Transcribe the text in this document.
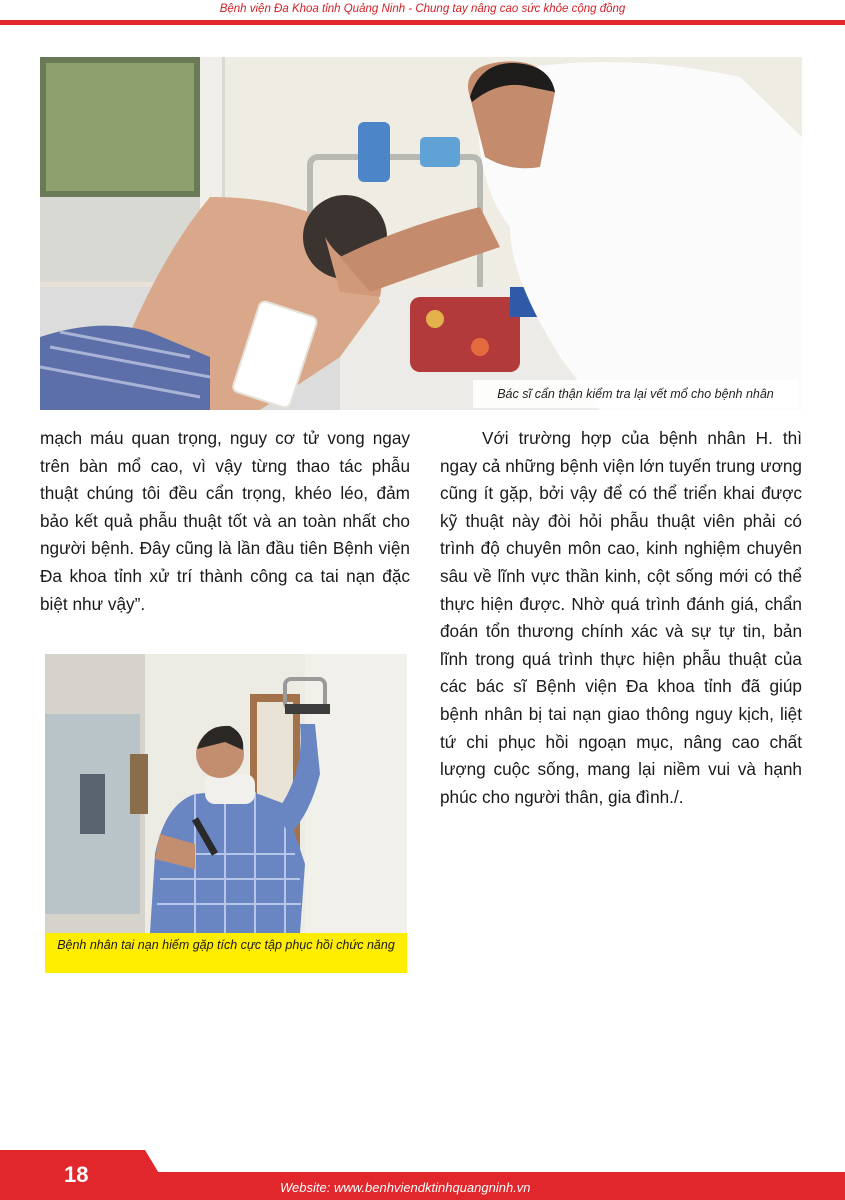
Bệnh viện Đa Khoa tỉnh Quảng Ninh - Chung tay nâng cao sức khỏe cộng đồng
Bác sĩ cẩn thận kiểm tra lại vết mổ cho bệnh nhân

mạch máu quan trọng, nguy cơ tử vong ngay trên bàn mổ cao, vì vậy từng thao tác phẫu thuật chúng tôi đều cẩn trọng, khéo léo, đảm bảo kết quả phẫu thuật tốt và an toàn nhất cho người bệnh. Đây cũng là lần đầu tiên Bệnh viện Đa khoa tỉnh xử trí thành công ca tai nạn đặc biệt như vậy”.

Với trường hợp của bệnh nhân H. thì ngay cả những bệnh viện lớn tuyến trung ương cũng ít gặp, bởi vậy để có thể triển khai được kỹ thuật này đòi hỏi phẫu thuật viên phải có trình độ chuyên môn cao, kinh nghiệm chuyên sâu về lĩnh vực thần kinh, cột sống mới có thể thực hiện được. Nhờ quá trình đánh giá, chẩn đoán tổn thương chính xác và sự tự tin, bản lĩnh trong quá trình thực hiện phẫu thuật của các bác sĩ Bệnh viện Đa khoa tỉnh đã giúp bệnh nhân bị tai nạn giao thông nguy kịch, liệt tứ chi phục hồi ngoạn mục, nâng cao chất lượng cuộc sống, mang lại niềm vui và hạnh phúc cho người thân, gia đình./.

Bệnh nhân tai nạn hiếm gặp tích cực tập phục hồi chức năng
18
Website: www.benhviendktinhquangninh.vn
